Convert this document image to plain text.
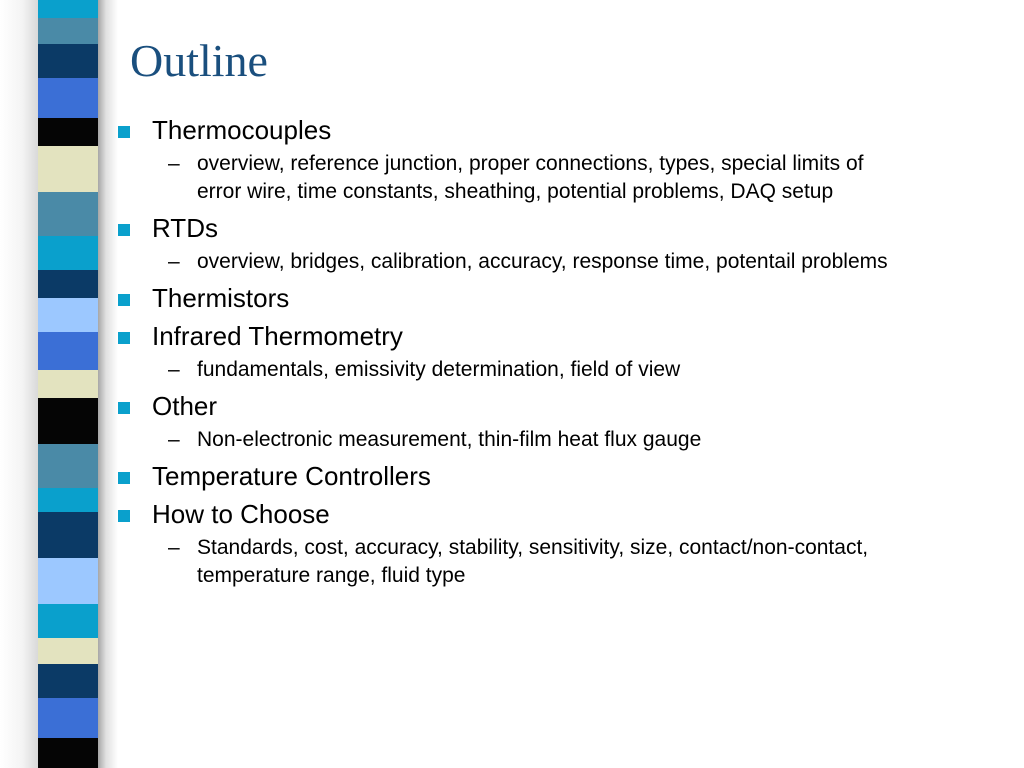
Outline
Thermocouples
– overview, reference junction, proper connections, types, special limits of error wire, time constants, sheathing, potential problems, DAQ setup
RTDs
– overview, bridges, calibration, accuracy, response time, potentail problems
Thermistors
Infrared Thermometry
– fundamentals, emissivity determination, field of view
Other
– Non-electronic measurement, thin-film heat flux gauge
Temperature Controllers
How to Choose
– Standards, cost, accuracy, stability, sensitivity, size, contact/non-contact, temperature range, fluid type
